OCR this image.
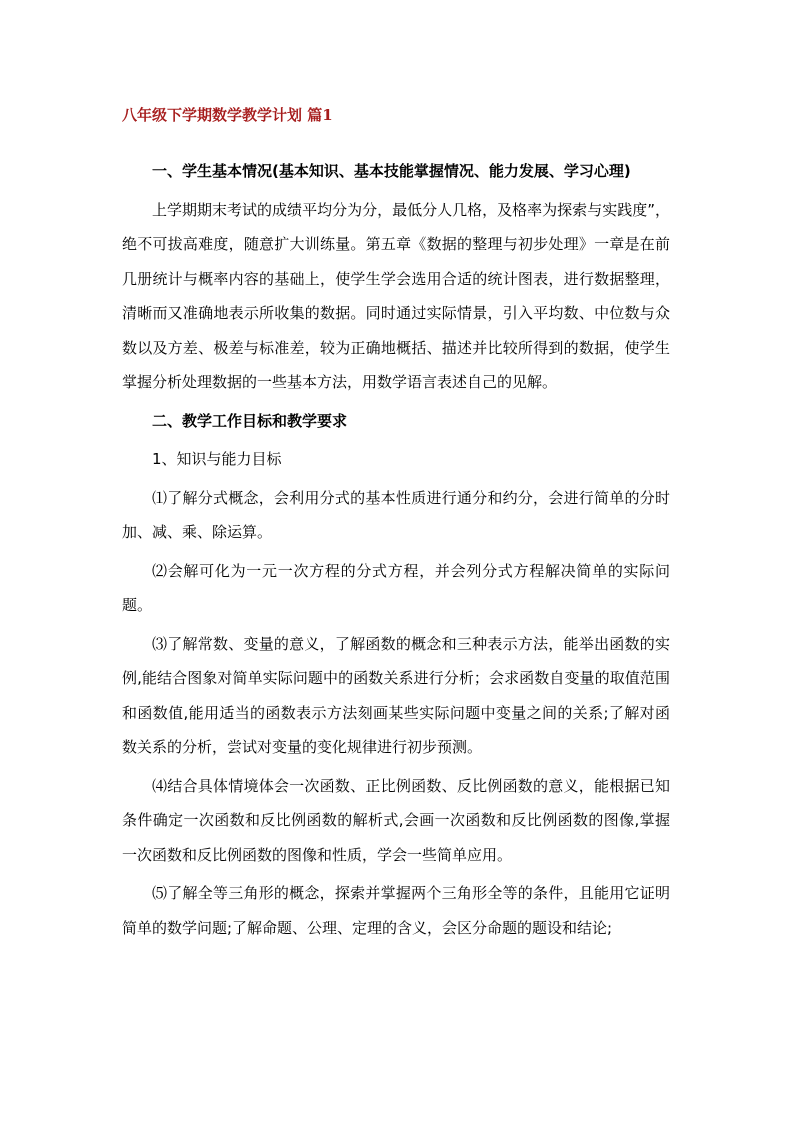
八年级下学期数学教学计划 篇1

一、学生基本情况(基本知识、基本技能掌握情况、能力发展、学习心理)

上学期期末考试的成绩平均分为分，最低分人几格，及格率为探索与实践度”，绝不可拔高难度，随意扩大训练量。第五章《数据的整理与初步处理》一章是在前几册统计与概率内容的基础上，使学生学会选用合适的统计图表，进行数据整理，清晰而又准确地表示所收集的数据。同时通过实际情景，引入平均数、中位数与众数以及方差、极差与标准差，较为正确地概括、描述并比较所得到的数据，使学生掌握分析处理数据的一些基本方法，用数学语言表述自己的见解。

二、教学工作目标和教学要求

1、知识与能力目标

⑴了解分式概念，会利用分式的基本性质进行通分和约分，会进行简单的分时加、减、乘、除运算。

⑵会解可化为一元一次方程的分式方程，并会列分式方程解决简单的实际问题。

⑶了解常数、变量的意义，了解函数的概念和三种表示方法，能举出函数的实例,能结合图象对简单实际问题中的函数关系进行分析；会求函数自变量的取值范围和函数值,能用适当的函数表示方法刻画某些实际问题中变量之间的关系;了解对函数关系的分析，尝试对变量的变化规律进行初步预测。

⑷结合具体情境体会一次函数、正比例函数、反比例函数的意义，能根据已知条件确定一次函数和反比例函数的解析式,会画一次函数和反比例函数的图像,掌握一次函数和反比例函数的图像和性质，学会一些简单应用。

⑸了解全等三角形的概念，探索并掌握两个三角形全等的条件，且能用它证明简单的数学问题;了解命题、公理、定理的含义，会区分命题的题设和结论;
